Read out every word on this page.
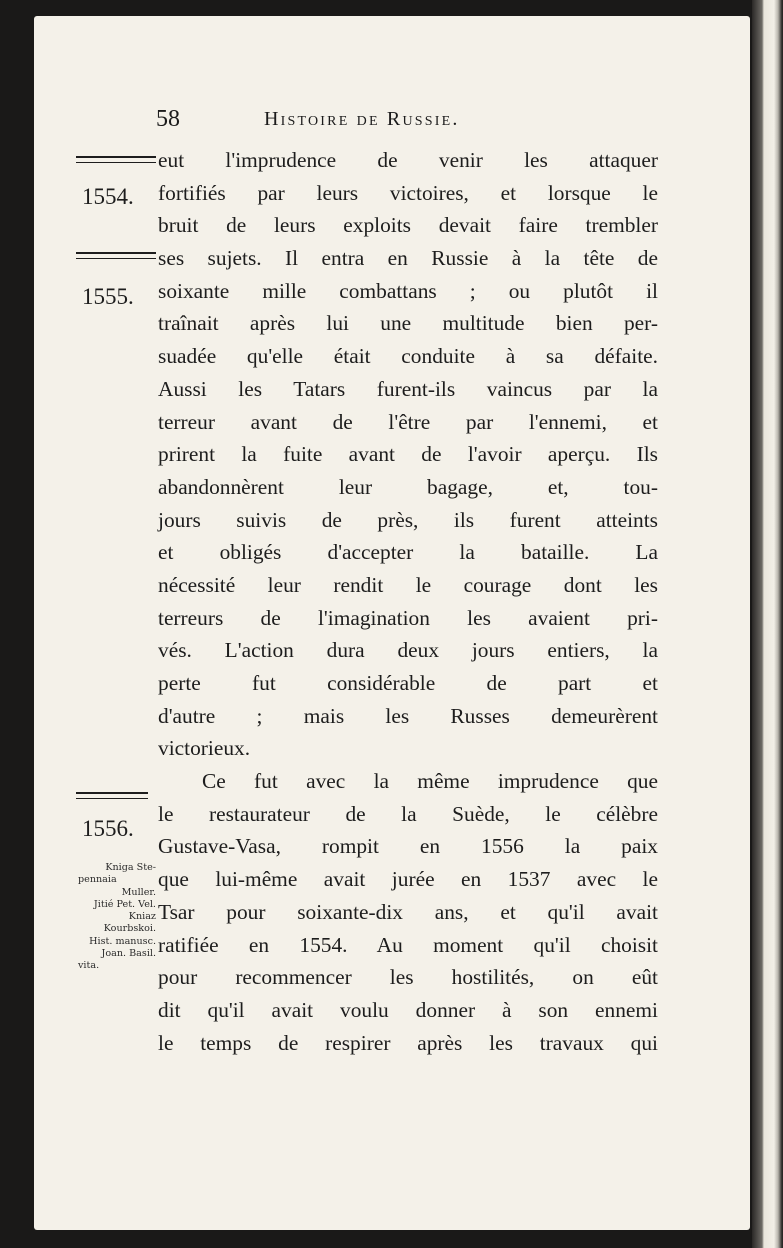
58	Histoire de Russie.
1554.
1555.
1556.
Kniga Ste-
pennaia
Muller.
Jitié Pet. Vel.
Kniaz
Kourbskoi.
Hist. manusc.
Joan. Basil.
vita.
eut l'imprudence de venir les attaquer
fortifiés par leurs victoires, et lorsque le
bruit de leurs exploits devait faire trembler
ses sujets. Il entra en Russie à la tête de
soixante mille combattans ; ou plutôt il
traînait après lui une multitude bien per-
suadée qu'elle était conduite à sa défaite.
Aussi les Tatars furent-ils vaincus par la
terreur avant de l'être par l'ennemi, et
prirent la fuite avant de l'avoir aperçu. Ils
abandonnèrent leur bagage, et, tou-
jours suivis de près, ils furent atteints
et obligés d'accepter la bataille. La
nécessité leur rendit le courage dont les
terreurs de l'imagination les avaient pri-
vés. L'action dura deux jours entiers, la
perte fut considérable de part et
d'autre ; mais les Russes demeurèrent
victorieux.
Ce fut avec la même imprudence que
le restaurateur de la Suède, le célèbre
Gustave-Vasa, rompit en 1556 la paix
que lui-même avait jurée en 1537 avec le
Tsar pour soixante-dix ans, et qu'il avait
ratifiée en 1554. Au moment qu'il choisit
pour recommencer les hostilités, on eût
dit qu'il avait voulu donner à son ennemi
le temps de respirer après les travaux qui
